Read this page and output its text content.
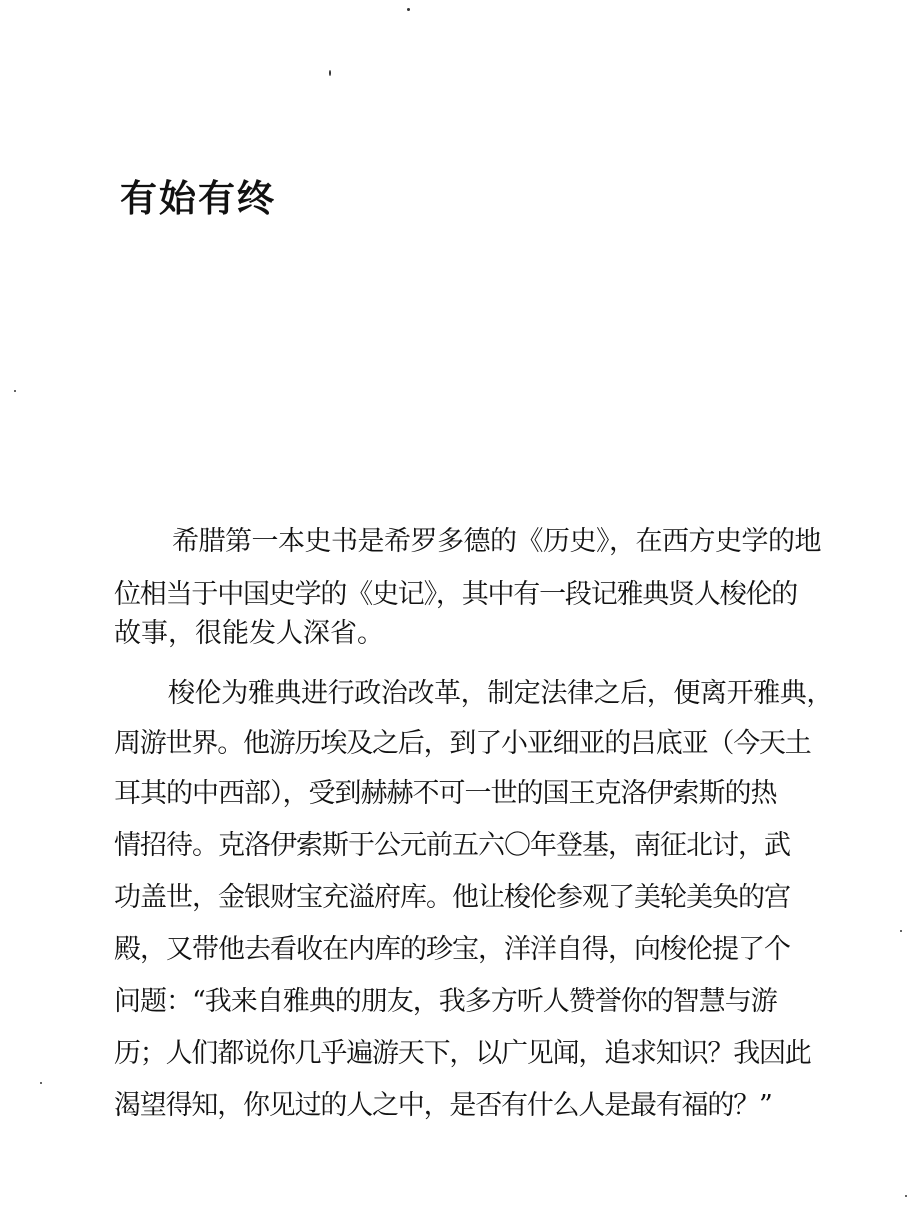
有始有终
希腊第一本史书是希罗多德的《历史》，在西方史学的地
位相当于中国史学的《史记》，其中有一段记雅典贤人梭伦的
故事，很能发人深省。
梭伦为雅典进行政治改革，制定法律之后，便离开雅典，
周游世界。他游历埃及之后，到了小亚细亚的吕底亚（今天土
耳其的中西部），受到赫赫不可一世的国王克洛伊索斯的热
情招待。克洛伊索斯于公元前五六〇年登基，南征北讨，武
功盖世，金银财宝充溢府库。他让梭伦参观了美轮美奂的宫
殿，又带他去看收在内库的珍宝，洋洋自得，向梭伦提了个
问题：“我来自雅典的朋友，我多方听人赞誉你的智慧与游
历；人们都说你几乎遍游天下，以广见闻，追求知识？我因此
渴望得知，你见过的人之中，是否有什么人是最有福的？”
